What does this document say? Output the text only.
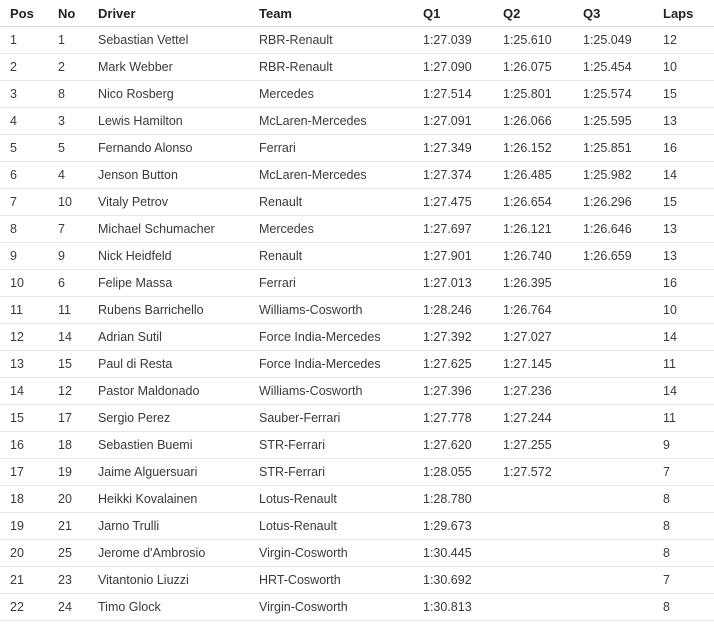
Pos	No	Driver	Team	Q1	Q2	Q3	Laps
1	1	Sebastian Vettel	RBR-Renault	1:27.039	1:25.610	1:25.049	12
2	2	Mark Webber	RBR-Renault	1:27.090	1:26.075	1:25.454	10
3	8	Nico Rosberg	Mercedes	1:27.514	1:25.801	1:25.574	15
4	3	Lewis Hamilton	McLaren-Mercedes	1:27.091	1:26.066	1:25.595	13
5	5	Fernando Alonso	Ferrari	1:27.349	1:26.152	1:25.851	16
6	4	Jenson Button	McLaren-Mercedes	1:27.374	1:26.485	1:25.982	14
7	10	Vitaly Petrov	Renault	1:27.475	1:26.654	1:26.296	15
8	7	Michael Schumacher	Mercedes	1:27.697	1:26.121	1:26.646	13
9	9	Nick Heidfeld	Renault	1:27.901	1:26.740	1:26.659	13
10	6	Felipe Massa	Ferrari	1:27.013	1:26.395		16
11	11	Rubens Barrichello	Williams-Cosworth	1:28.246	1:26.764		10
12	14	Adrian Sutil	Force India-Mercedes	1:27.392	1:27.027		14
13	15	Paul di Resta	Force India-Mercedes	1:27.625	1:27.145		11
14	12	Pastor Maldonado	Williams-Cosworth	1:27.396	1:27.236		14
15	17	Sergio Perez	Sauber-Ferrari	1:27.778	1:27.244		11
16	18	Sebastien Buemi	STR-Ferrari	1:27.620	1:27.255		9
17	19	Jaime Alguersuari	STR-Ferrari	1:28.055	1:27.572		7
18	20	Heikki Kovalainen	Lotus-Renault	1:28.780			8
19	21	Jarno Trulli	Lotus-Renault	1:29.673			8
20	25	Jerome d'Ambrosio	Virgin-Cosworth	1:30.445			8
21	23	Vitantonio Liuzzi	HRT-Cosworth	1:30.692			7
22	24	Timo Glock	Virgin-Cosworth	1:30.813			8
